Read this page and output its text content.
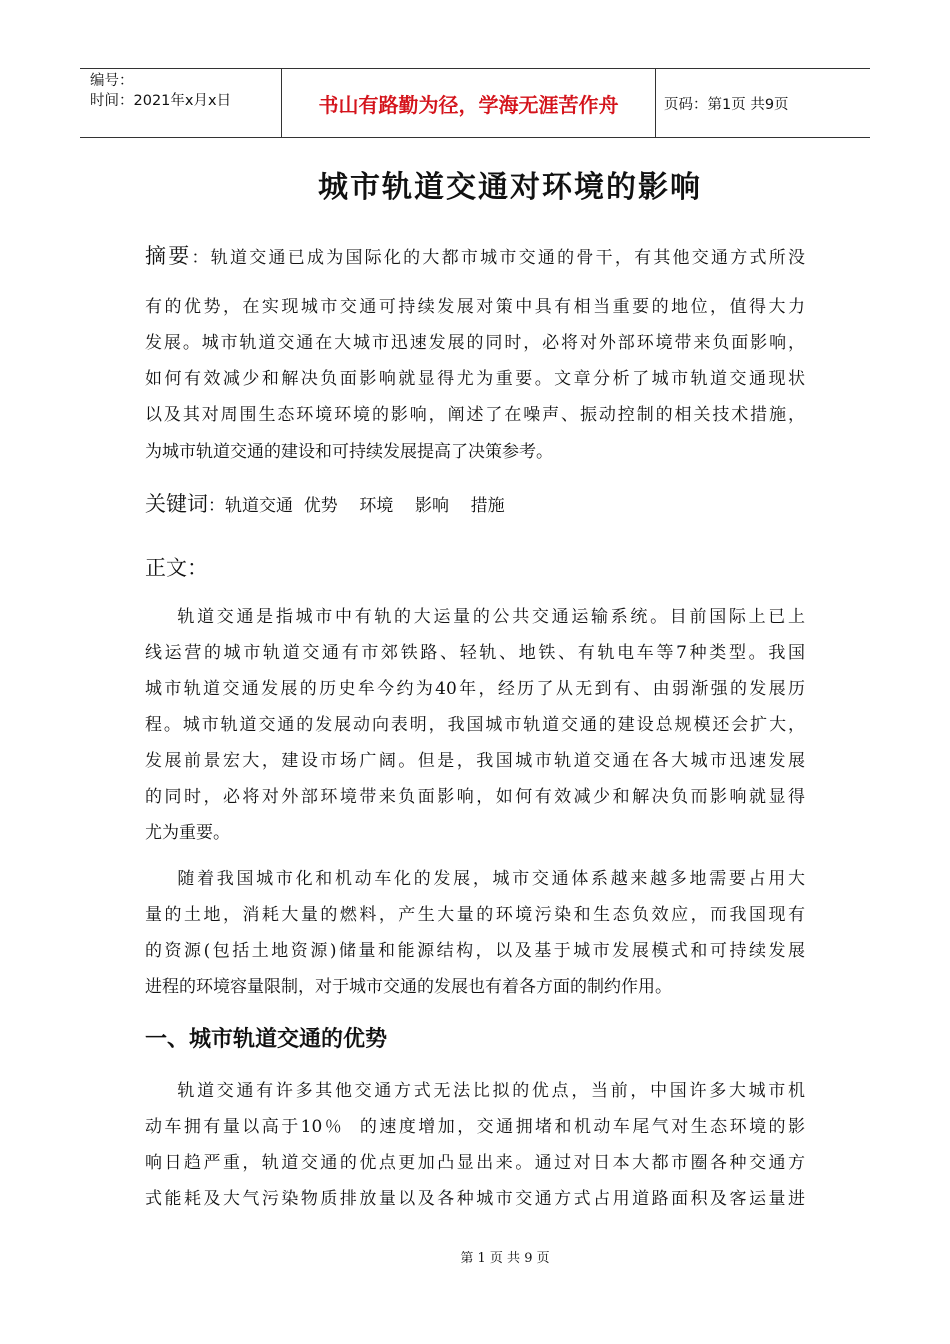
编号：
时间：2021年x月x日	书山有路勤为径，学海无涯苦作舟	页码：第1页 共9页
城市轨道交通对环境的影响
摘要：轨道交通已成为国际化的大都市城市交通的骨干，有其他交通方式所没
有的优势，在实现城市交通可持续发展对策中具有相当重要的地位，值得大力
发展。城市轨道交通在大城市迅速发展的同时，必将对外部环境带来负面影响，
如何有效减少和解决负面影响就显得尤为重要。文章分析了城市轨道交通现状
以及其对周围生态环境环境的影响，阐述了在噪声、振动控制的相关技术措施，
为城市轨道交通的建设和可持续发展提高了决策参考。
关键词：轨道交通  优势    环境    影响    措施
正文：
轨道交通是指城市中有轨的大运量的公共交通运输系统。目前国际上已上
线运营的城市轨道交通有市郊铁路、轻轨、地铁、有轨电车等7种类型。我国
城市轨道交通发展的历史牟今约为40年，经历了从无到有、由弱渐强的发展历
程。城市轨道交通的发展动向表明，我国城市轨道交通的建设总规模还会扩大，
发展前景宏大，建设市场广阔。但是，我国城市轨道交通在各大城市迅速发展
的同时，必将对外部环境带来负面影响，如何有效减少和解决负而影响就显得
尤为重要。
随着我国城市化和机动车化的发展，城市交通体系越来越多地需要占用大
量的土地，消耗大量的燃料，产生大量的环境污染和生态负效应，而我国现有
的资源(包括土地资源)储量和能源结构，以及基于城市发展模式和可持续发展
进程的环境容量限制，对于城市交通的发展也有着各方面的制约作用。
一、城市轨道交通的优势
轨道交通有许多其他交通方式无法比拟的优点，当前，中国许多大城市机
动车拥有量以高于10％  的速度增加，交通拥堵和机动车尾气对生态环境的影
响日趋严重，轨道交通的优点更加凸显出来。通过对日本大都市圈各种交通方
式能耗及大气污染物质排放量以及各种城市交通方式占用道路面积及客运量进
第 1 页 共 9 页
